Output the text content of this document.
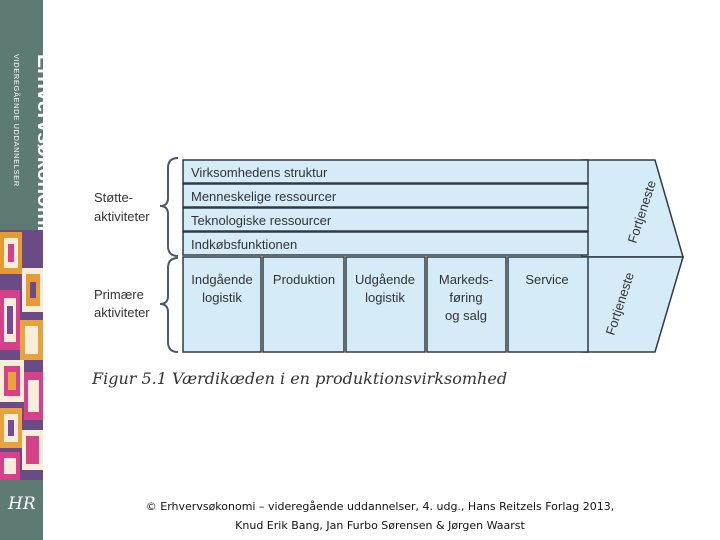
Erhvervsøkonomi
VIDEREGÅENDE UDDANNELSER
HR
Støtte-
aktiviteter
Primære
aktiviteter
Virksomhedens struktur
Menneskelige ressourcer
Teknologiske ressourcer
Indkøbsfunktionen
Indgående
logistik
Produktion Udgående
logistik
Markeds-
føring
og salg
Service
Fortjeneste
Fortjeneste
Figur 5.1 Værdikæden i en produktionsvirksomhed
© Erhvervsøkonomi – videregående uddannelser, 4. udg., Hans Reitzels Forlag 2013,
Knud Erik Bang, Jan Furbo Sørensen & Jørgen Waarst
